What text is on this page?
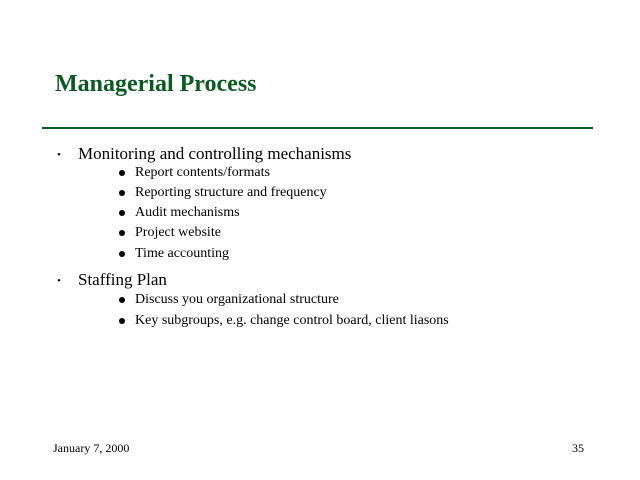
Managerial Process
• Monitoring and controlling mechanisms
Report contents/formats
Reporting structure and frequency
Audit mechanisms
Project website
Time accounting
• Staffing Plan
Discuss you organizational structure
Key subgroups, e.g. change control board, client liasons
January 7, 2000	35
